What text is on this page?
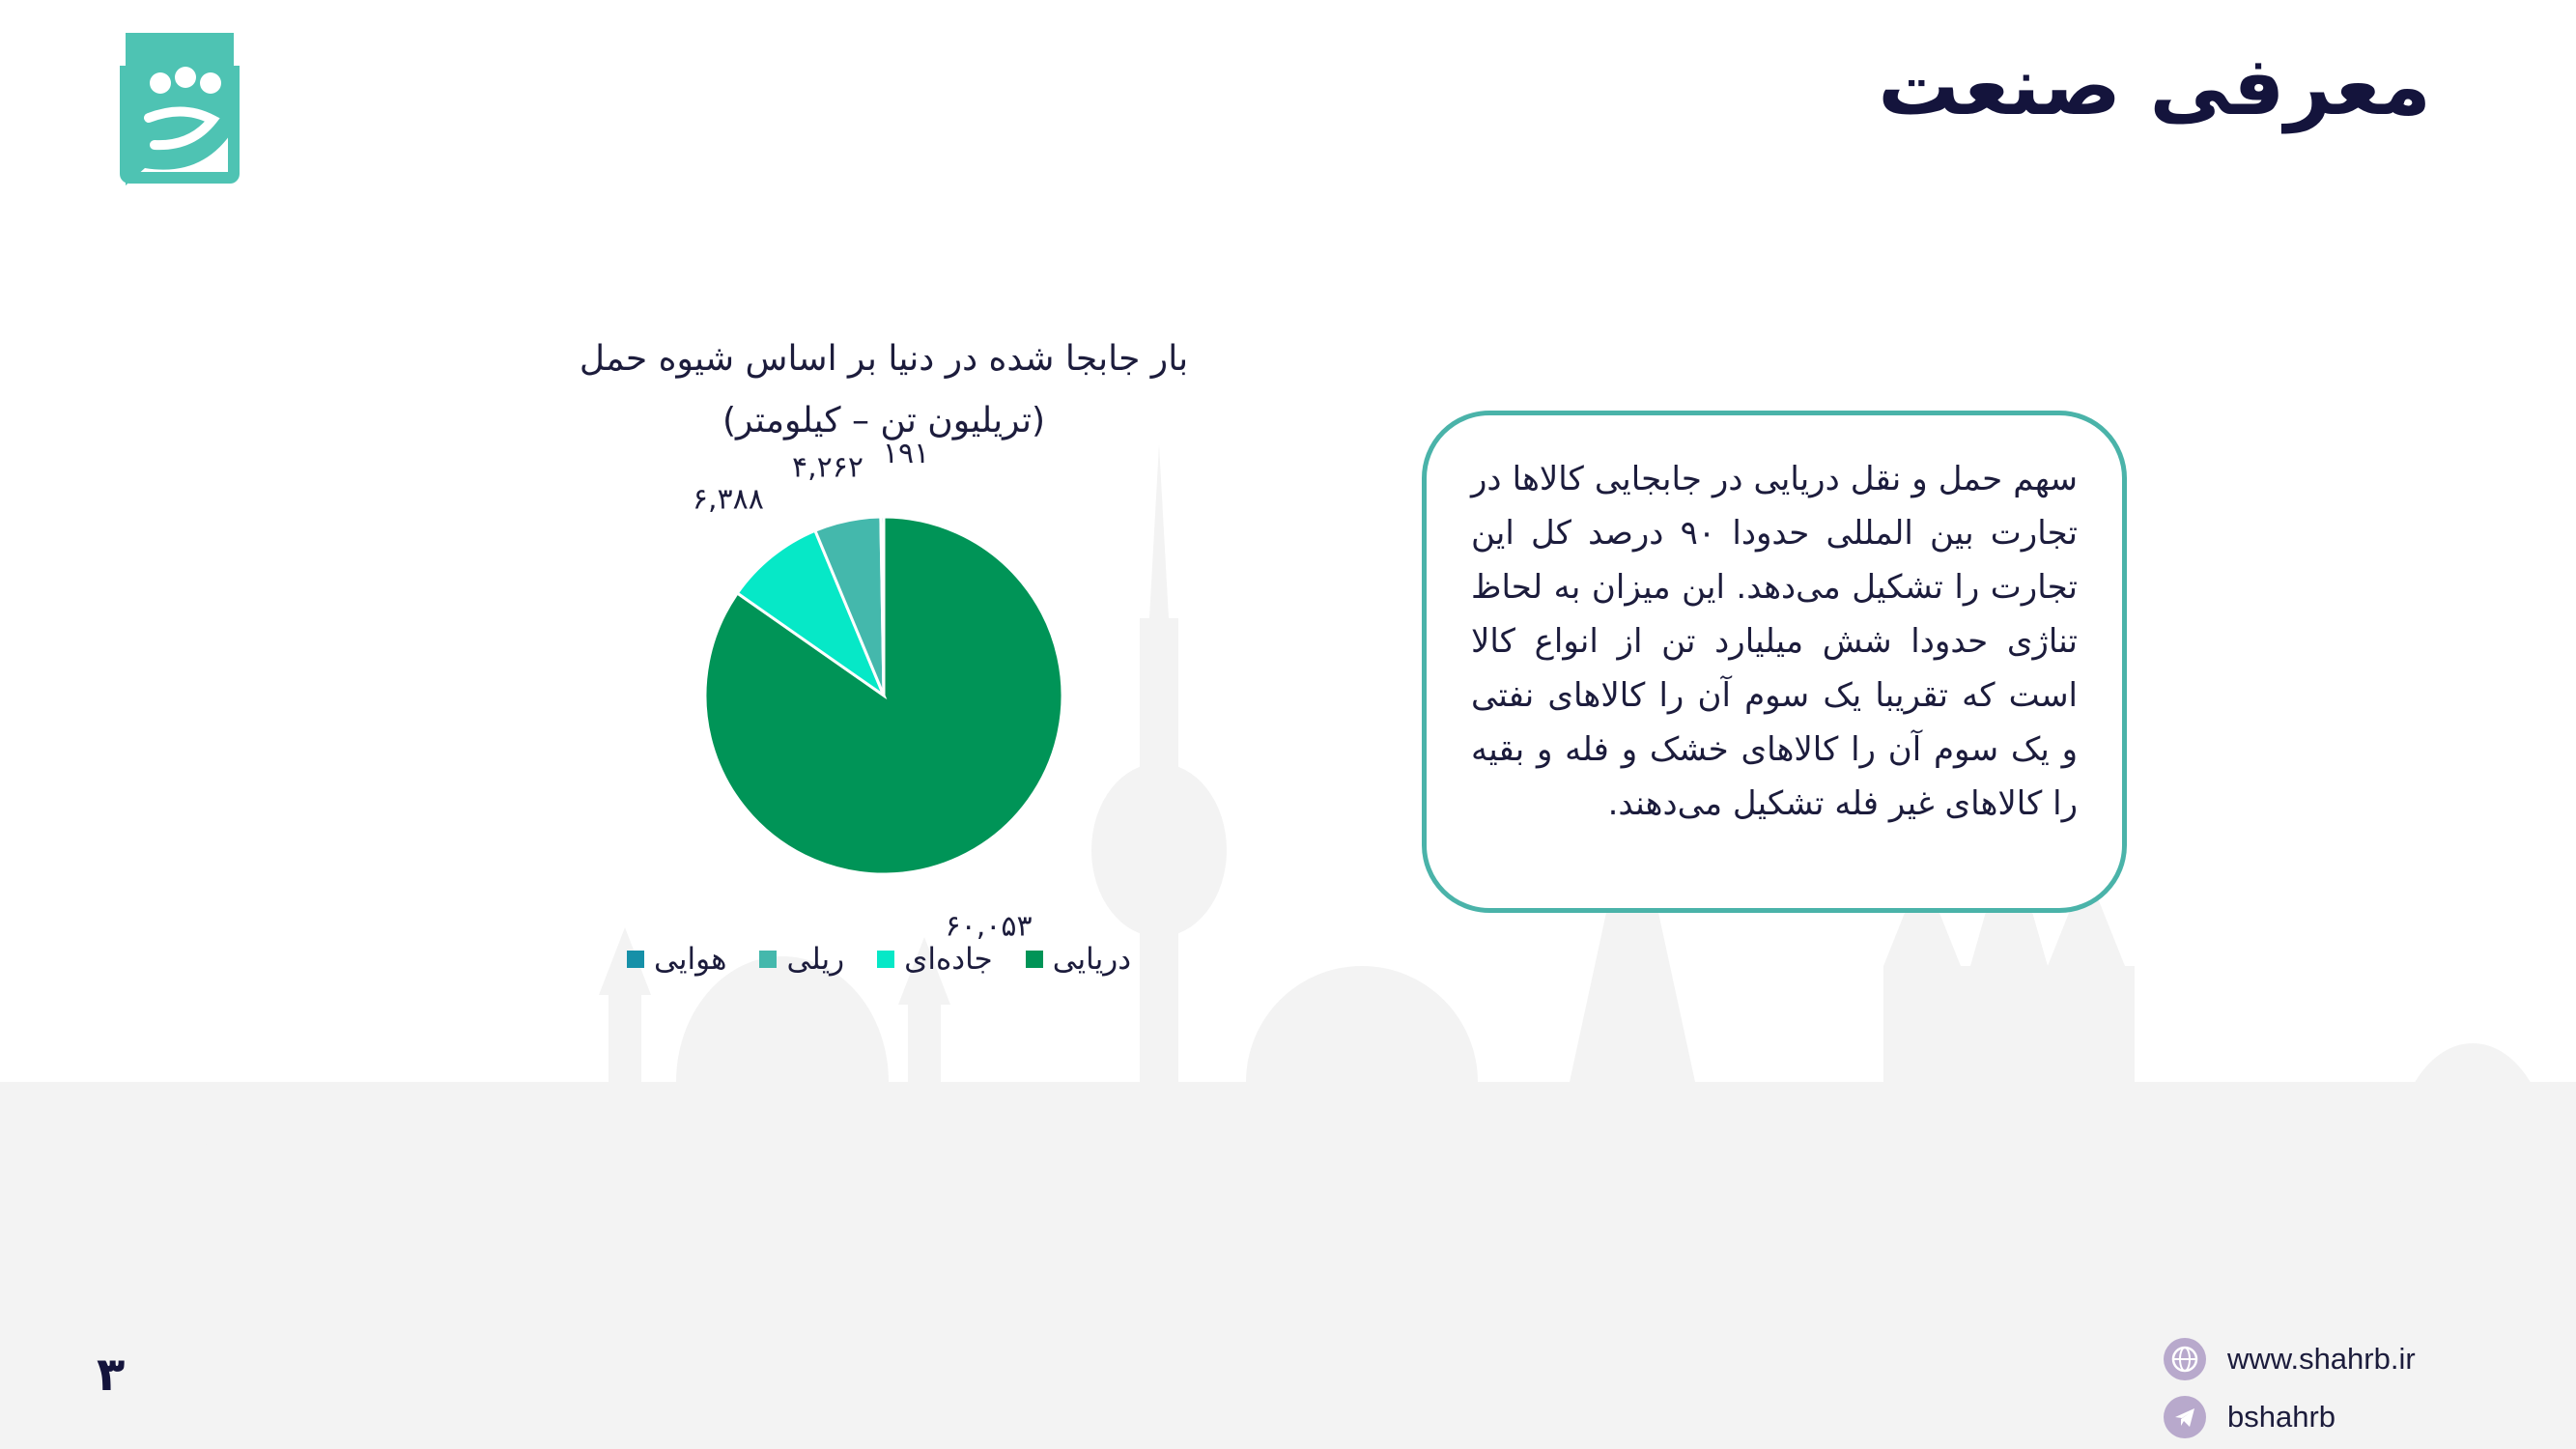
معرفی صنعت
بار جابجا شده در دنیا بر اساس شیوه حمل
(تریلیون تن – کیلومتر)
۶۰,۰۵۳
۶,۳۸۸
۴,۲۶۲ ۱۹۱
دریایی
جاده‌ای
ریلی
هوایی
سهم حمل و نقل دریایی در جابجایی کالاها در تجارت بین المللی حدودا ۹۰ درصد کل این تجارت را تشکیل می‌دهد. این میزان به لحاظ تناژی حدودا شش میلیارد تن از انواع کالا است که تقریبا یک سوم آن را کالاهای نفتی و یک سوم آن را کالاهای خشک و فله و بقیه را کالاهای غیر فله تشکیل می‌دهند.
۳	www.shahrb.ir
bshahrb
